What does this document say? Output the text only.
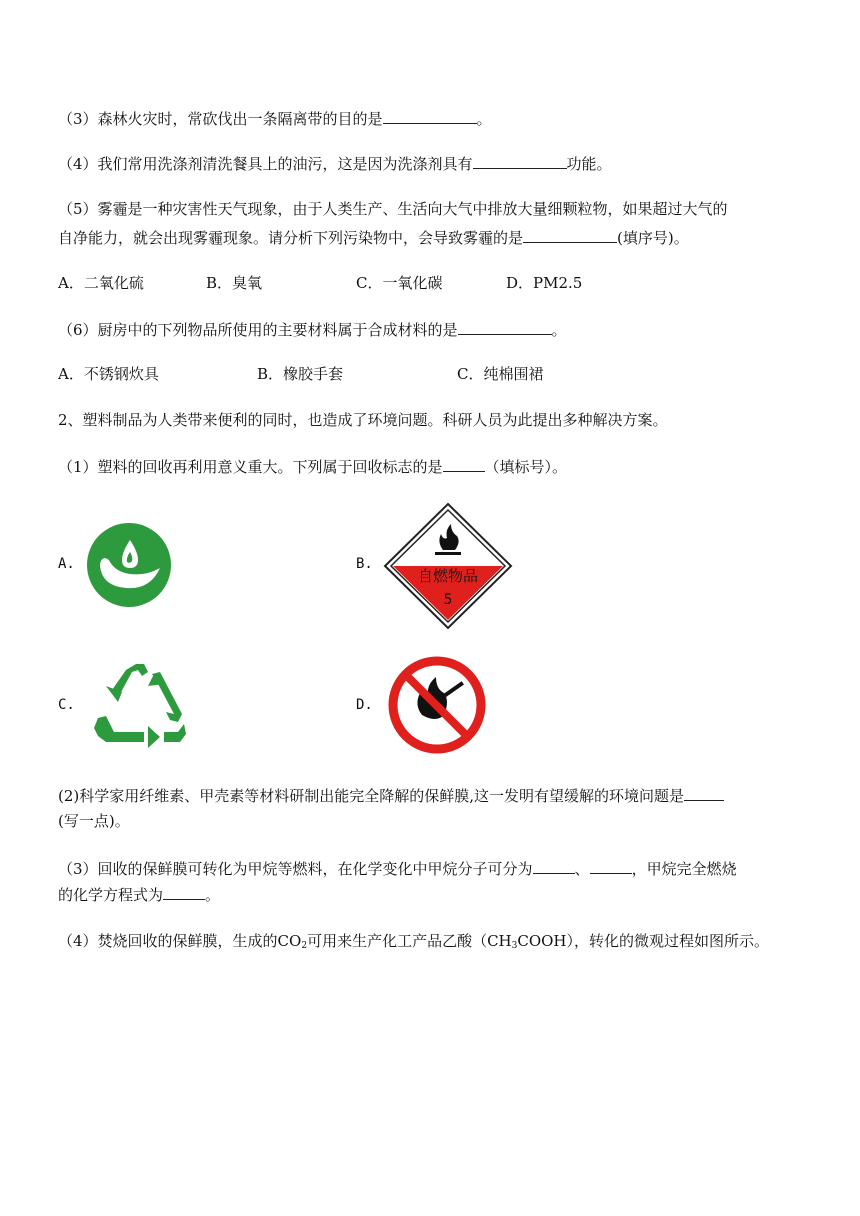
（3）森林火灾时，常砍伐出一条隔离带的目的是	。
（4）我们常用洗涤剂清洗餐具上的油污，这是因为洗涤剂具有	功能。
（5）雾霾是一种灾害性天气现象，由于人类生产、生活向大气中排放大量细颗粒物，如果超过大气的
自净能力，就会出现雾霾现象。请分析下列污染物中，会导致雾霾的是	(填序号)。
A．二氧化硫	B．臭氧	C．一氧化碳	D．PM2.5
（6）厨房中的下列物品所使用的主要材料属于合成材料的是	。
A．不锈钢炊具	B．橡胶手套	C．纯棉围裙
2、塑料制品为人类带来便利的同时，也造成了环境问题。科研人员为此提出多种解决方案。
（1）塑料的回收再利用意义重大。下列属于回收标志的是	（填标号）。
A.	B.
自燃物品
5
C.	D.
(2)科学家用纤维素、甲壳素等材料研制出能完全降解的保鲜膜,这一发明有望缓解的环境问题是
(写一点)。
（3）回收的保鲜膜可转化为甲烷等燃料，在化学变化中甲烷分子可分为	、	，甲烷完全燃烧
的化学方程式为	。
（4）焚烧回收的保鲜膜，生成的$CO_2$可用来生产化工产品乙酸$(CH_3COOH)$，转化的微观过程如图所示。
